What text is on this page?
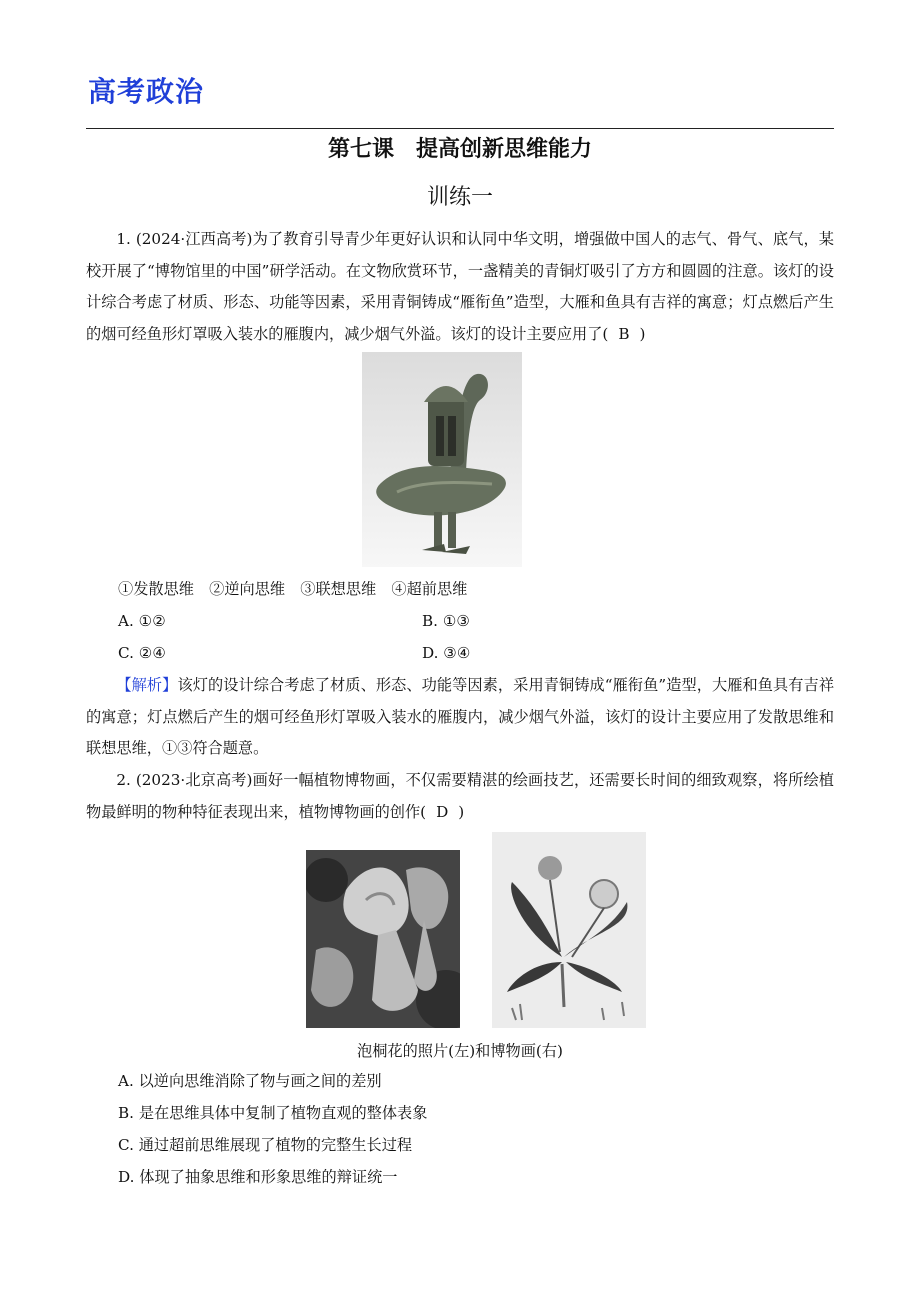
高考政治
第七课　提高创新思维能力
训练一

1. (2024·江西高考)为了教育引导青少年更好认识和认同中华文明，增强做中国人的志气、骨气、底气，某校开展了“博物馆里的中国”研学活动。在文物欣赏环节，一盏精美的青铜灯吸引了方方和圆圆的注意。该灯的设计综合考虑了材质、形态、功能等因素，采用青铜铸成“雁衔鱼”造型，大雁和鱼具有吉祥的寓意；灯点燃后产生的烟可经鱼形灯罩吸入装水的雁腹内，减少烟气外溢。该灯的设计主要应用了( B )

①发散思维　②逆向思维　③联想思维　④超前思维
A. ①②	B. ①③
C. ②④	D. ③④

【解析】该灯的设计综合考虑了材质、形态、功能等因素，采用青铜铸成“雁衔鱼”造型，大雁和鱼具有吉祥的寓意；灯点燃后产生的烟可经鱼形灯罩吸入装水的雁腹内，减少烟气外溢，该灯的设计主要应用了发散思维和联想思维，①③符合题意。

2. (2023·北京高考)画好一幅植物博物画，不仅需要精湛的绘画技艺，还需要长时间的细致观察，将所绘植物最鲜明的物种特征表现出来，植物博物画的创作( D )

泡桐花的照片(左)和博物画(右)
A. 以逆向思维消除了物与画之间的差别
B. 是在思维具体中复制了植物直观的整体表象
C. 通过超前思维展现了植物的完整生长过程
D. 体现了抽象思维和形象思维的辩证统一
